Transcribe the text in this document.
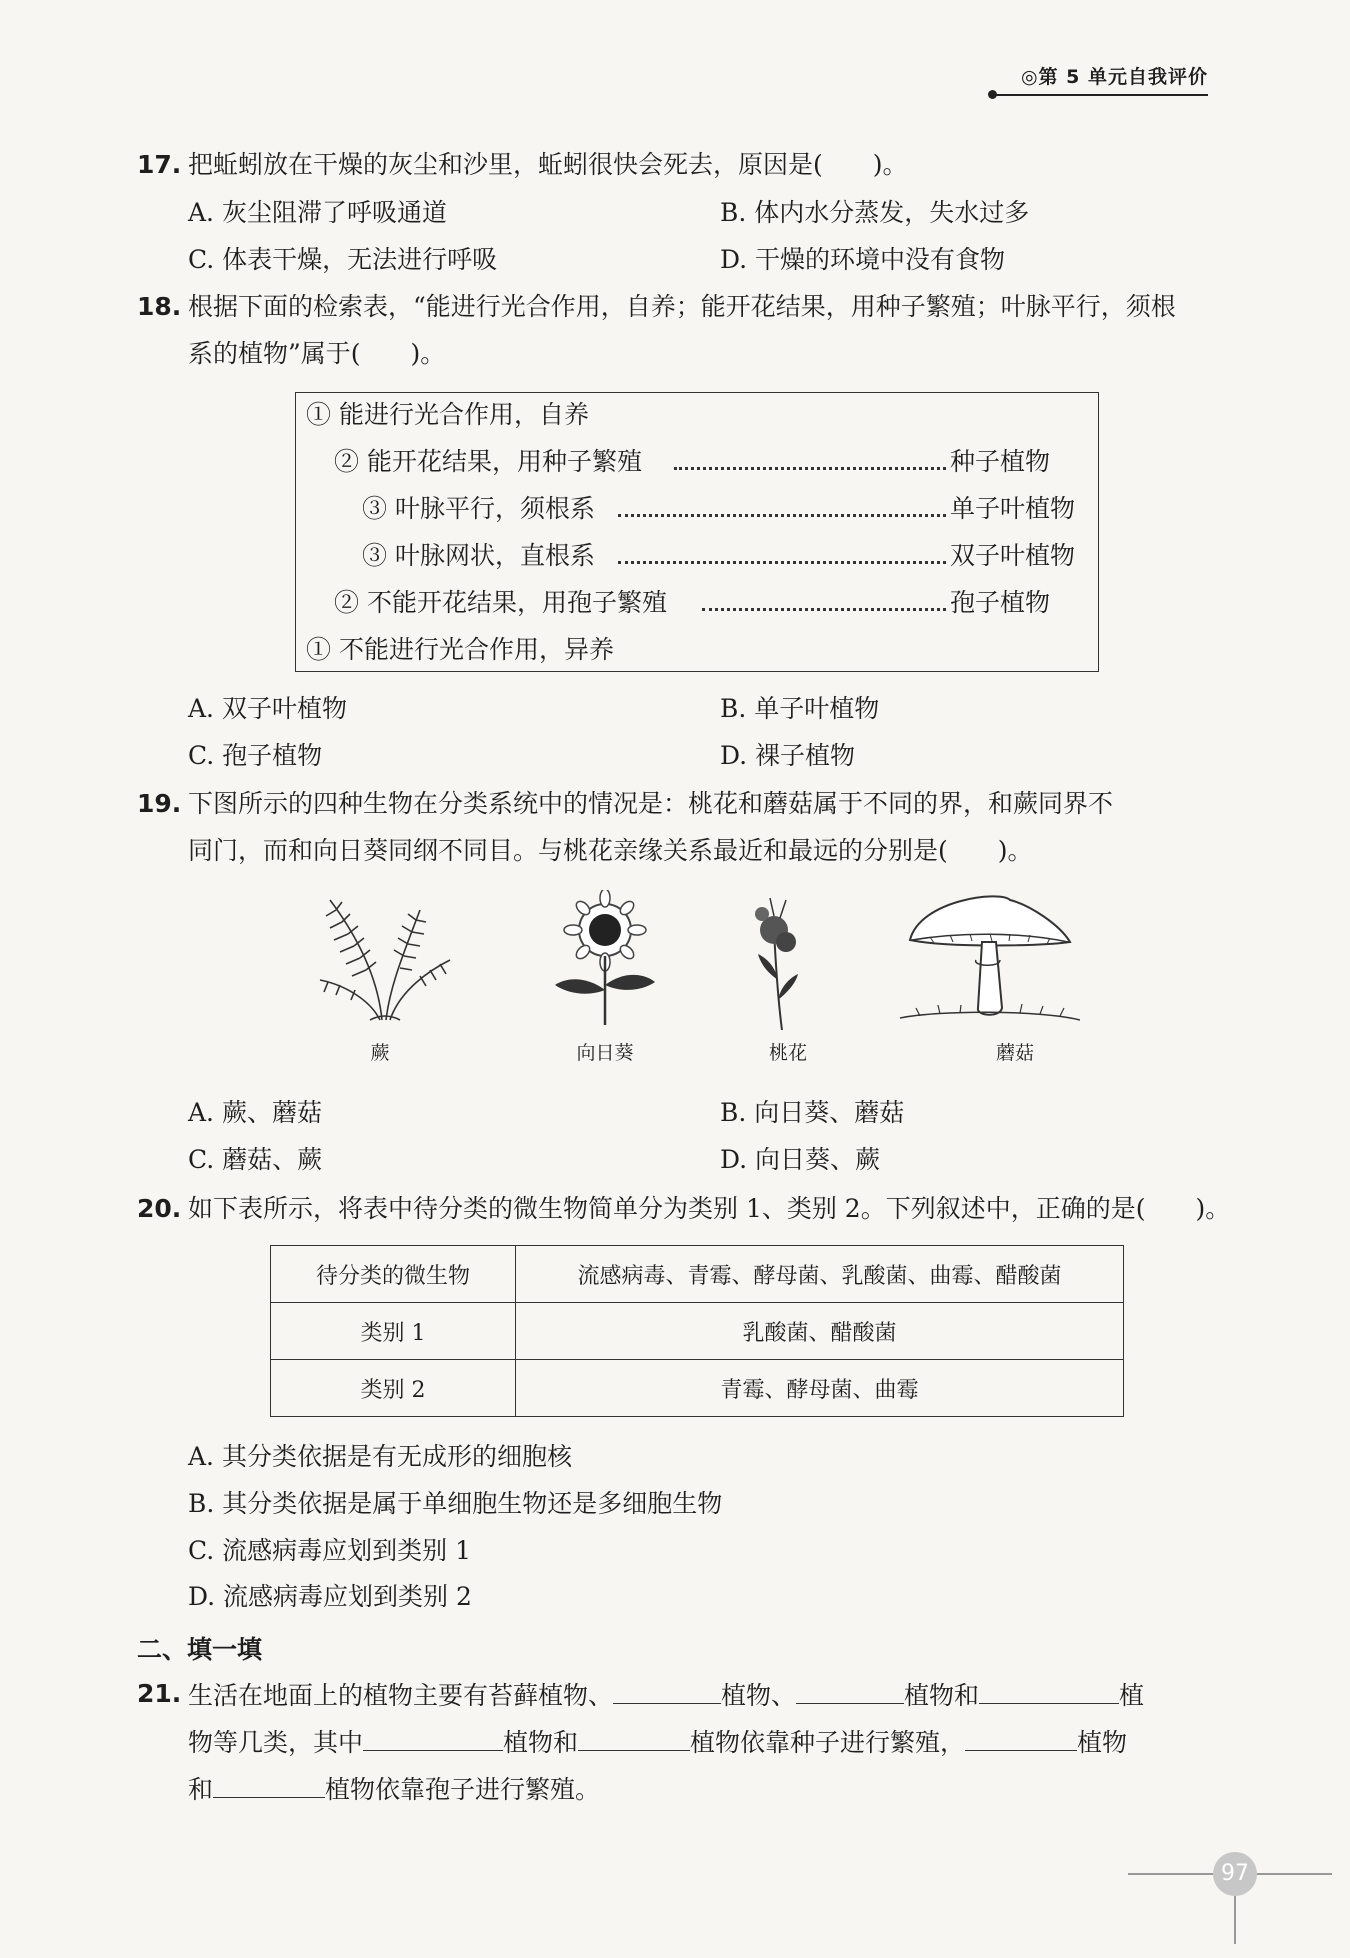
◎第 5 单元自我评价
17. 把蚯蚓放在干燥的灰尘和沙里，蚯蚓很快会死去，原因是(　　)。
A. 灰尘阻滞了呼吸通道	B. 体内水分蒸发，失水过多
C. 体表干燥，无法进行呼吸	D. 干燥的环境中没有食物
18. 根据下面的检索表，“能进行光合作用，自养；能开花结果，用种子繁殖；叶脉平行，须根
系的植物”属于(　　)。
① 能进行光合作用，自养
② 能开花结果，用种子繁殖	种子植物
③ 叶脉平行，须根系	单子叶植物
③ 叶脉网状，直根系	双子叶植物
② 不能开花结果，用孢子繁殖	孢子植物
① 不能进行光合作用，异养
A. 双子叶植物	B. 单子叶植物
C. 孢子植物	D. 裸子植物
19. 下图所示的四种生物在分类系统中的情况是：桃花和蘑菇属于不同的界，和蕨同界不
同门，而和向日葵同纲不同目。与桃花亲缘关系最近和最远的分别是(　　)。
蕨	向日葵	桃花	蘑菇
A. 蕨、蘑菇	B. 向日葵、蘑菇
C. 蘑菇、蕨	D. 向日葵、蕨
20. 如下表所示，将表中待分类的微生物简单分为类别 1、类别 2。下列叙述中，正确的是(　　)。
待分类的微生物	流感病毒、青霉、酵母菌、乳酸菌、曲霉、醋酸菌
类别 1	乳酸菌、醋酸菌
类别 2	青霉、酵母菌、曲霉
A. 其分类依据是有无成形的细胞核
B. 其分类依据是属于单细胞生物还是多细胞生物
C. 流感病毒应划到类别 1
D. 流感病毒应划到类别 2
二、填一填
21. 生活在地面上的植物主要有苔藓植物、	植物、	植物和	植
物等几类，其中	植物和	植物依靠种子进行繁殖，	植物
和	植物依靠孢子进行繁殖。
97
